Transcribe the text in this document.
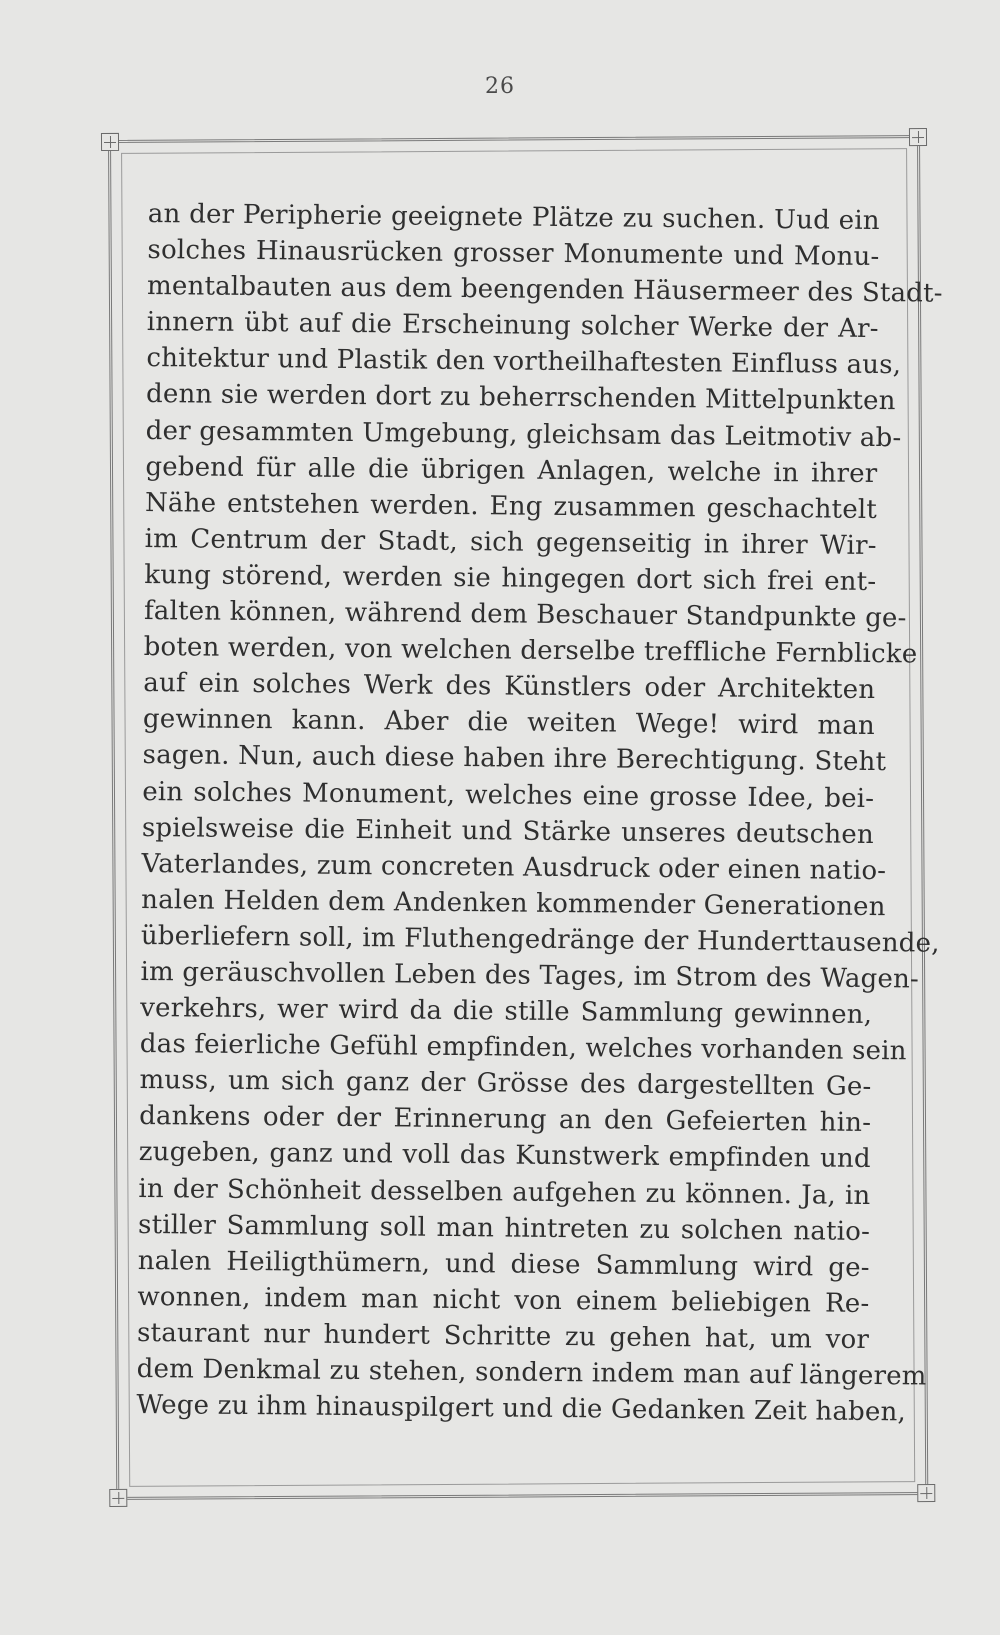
26
an der Peripherie geeignete Plätze zu suchen. Uud ein
solches Hinausrücken grosser Monumente und Monu-
mentalbauten aus dem beengenden Häusermeer des Stadt-
innern übt auf die Erscheinung solcher Werke der Ar-
chitektur und Plastik den vortheilhaftesten Einfluss aus,
denn sie werden dort zu beherrschenden Mittelpunkten
der gesammten Umgebung, gleichsam das Leitmotiv ab-
gebend für alle die übrigen Anlagen, welche in ihrer
Nähe entstehen werden. Eng zusammen geschachtelt
im Centrum der Stadt, sich gegenseitig in ihrer Wir-
kung störend, werden sie hingegen dort sich frei ent-
falten können, während dem Beschauer Standpunkte ge-
boten werden, von welchen derselbe treffliche Fernblicke
auf ein solches Werk des Künstlers oder Architekten
gewinnen kann. Aber die weiten Wege! wird man
sagen. Nun, auch diese haben ihre Berechtigung. Steht
ein solches Monument, welches eine grosse Idee, bei-
spielsweise die Einheit und Stärke unseres deutschen
Vaterlandes, zum concreten Ausdruck oder einen natio-
nalen Helden dem Andenken kommender Generationen
überliefern soll, im Fluthengedränge der Hunderttausende,
im geräuschvollen Leben des Tages, im Strom des Wagen-
verkehrs, wer wird da die stille Sammlung gewinnen,
das feierliche Gefühl empfinden, welches vorhanden sein
muss, um sich ganz der Grösse des dargestellten Ge-
dankens oder der Erinnerung an den Gefeierten hin-
zugeben, ganz und voll das Kunstwerk empfinden und
in der Schönheit desselben aufgehen zu können. Ja, in
stiller Sammlung soll man hintreten zu solchen natio-
nalen Heiligthümern, und diese Sammlung wird ge-
wonnen, indem man nicht von einem beliebigen Re-
staurant nur hundert Schritte zu gehen hat, um vor
dem Denkmal zu stehen, sondern indem man auf längerem
Wege zu ihm hinauspilgert und die Gedanken Zeit haben,
